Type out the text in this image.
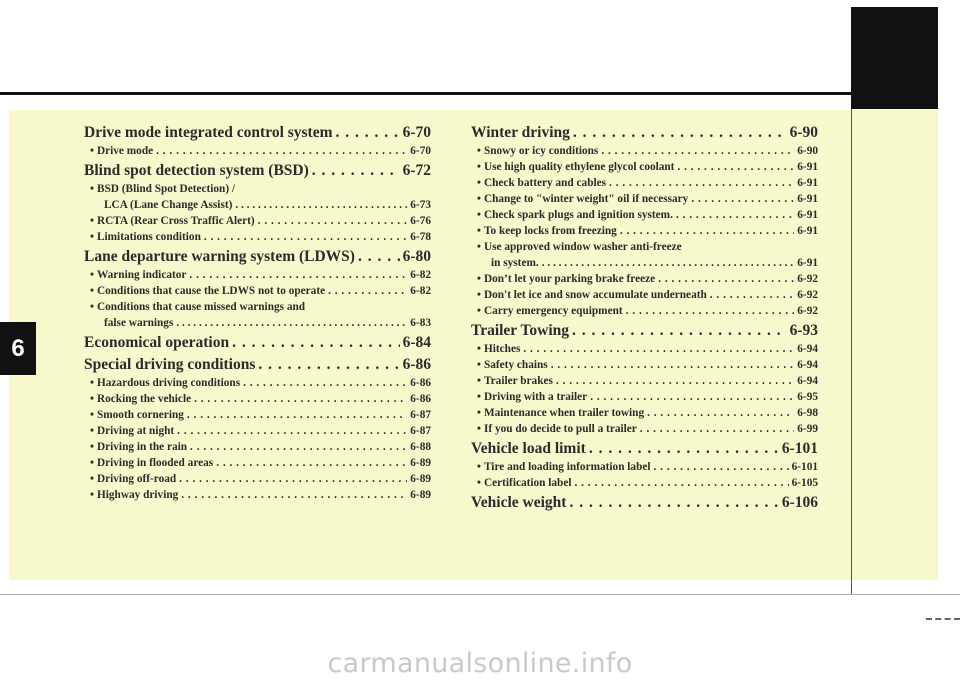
6
Drive mode integrated control system . . .	6-70
• Drive mode . . .	6-70
Blind spot detection system (BSD) . . .	6-72
• BSD (Blind Spot Detection) /
LCA (Lane Change Assist) . . .	6-73
• RCTA (Rear Cross Traffic Alert) . . .	6-76
• Limitations condition . . .	6-78
Lane departure warning system (LDWS) . . .	6-80
• Warning indicator . . .	6-82
• Conditions that cause the LDWS not to operate . . .	6-82
• Conditions that cause missed warnings and
false warnings . . .	6-83
Economical operation . . .	6-84
Special driving conditions . . .	6-86
• Hazardous driving conditions . . .	6-86
• Rocking the vehicle . . .	6-86
• Smooth cornering . . .	6-87
• Driving at night . . .	6-87
• Driving in the rain . . .	6-88
• Driving in flooded areas . . .	6-89
• Driving off-road . . .	6-89
• Highway driving . . .	6-89
Winter driving . . .	6-90
• Snowy or icy conditions . . .	6-90
• Use high quality ethylene glycol coolant . . .	6-91
• Check battery and cables . . .	6-91
• Change to "winter weight" oil if necessary . . .	6-91
• Check spark plugs and ignition system. . . .	6-91
• To keep locks from freezing . . .	6-91
• Use approved window washer anti-freeze
in system. . . .	6-91
• Don’t let your parking brake freeze . . .	6-92
• Don't let ice and snow accumulate underneath . . .	6-92
• Carry emergency equipment . . .	6-92
Trailer Towing . . .	6-93
• Hitches . . .	6-94
• Safety chains . . .	6-94
• Trailer brakes . . .	6-94
• Driving with a trailer . . .	6-95
• Maintenance when trailer towing . . .	6-98
• If you do decide to pull a trailer . . .	6-99
Vehicle load limit . . .	6-101
• Tire and loading information label . . .	6-101
• Certification label . . .	6-105
Vehicle weight . . .	6-106
carmanualsonline.info
